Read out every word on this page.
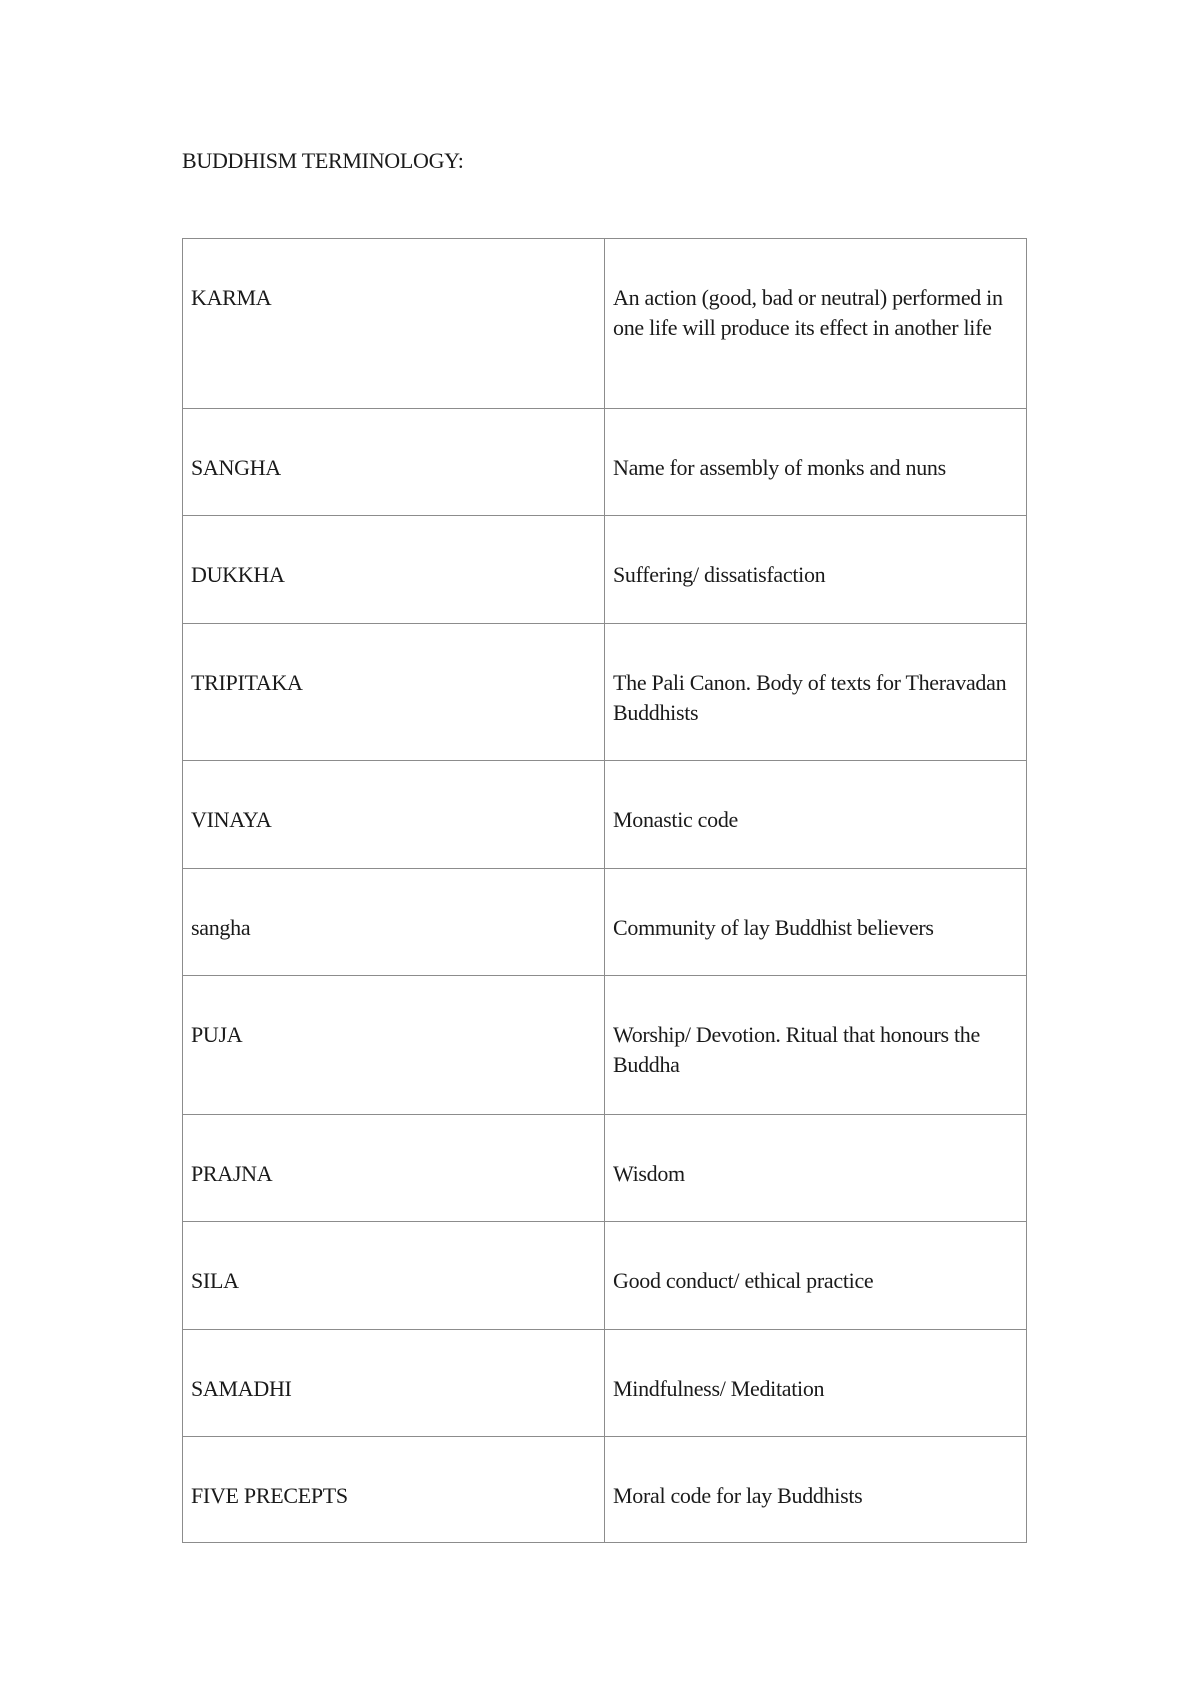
BUDDHISM TERMINOLOGY:
KARMA	An action (good, bad or neutral) performed in one life will produce its effect in another life
SANGHA	Name for assembly of monks and nuns
DUKKHA	Suffering/ dissatisfaction
TRIPITAKA	The Pali Canon. Body of texts for Theravadan Buddhists
VINAYA	Monastic code
sangha	Community of lay Buddhist believers
PUJA	Worship/ Devotion. Ritual that honours the Buddha
PRAJNA	Wisdom
SILA	Good conduct/ ethical practice
SAMADHI	Mindfulness/ Meditation
FIVE PRECEPTS	Moral code for lay Buddhists
